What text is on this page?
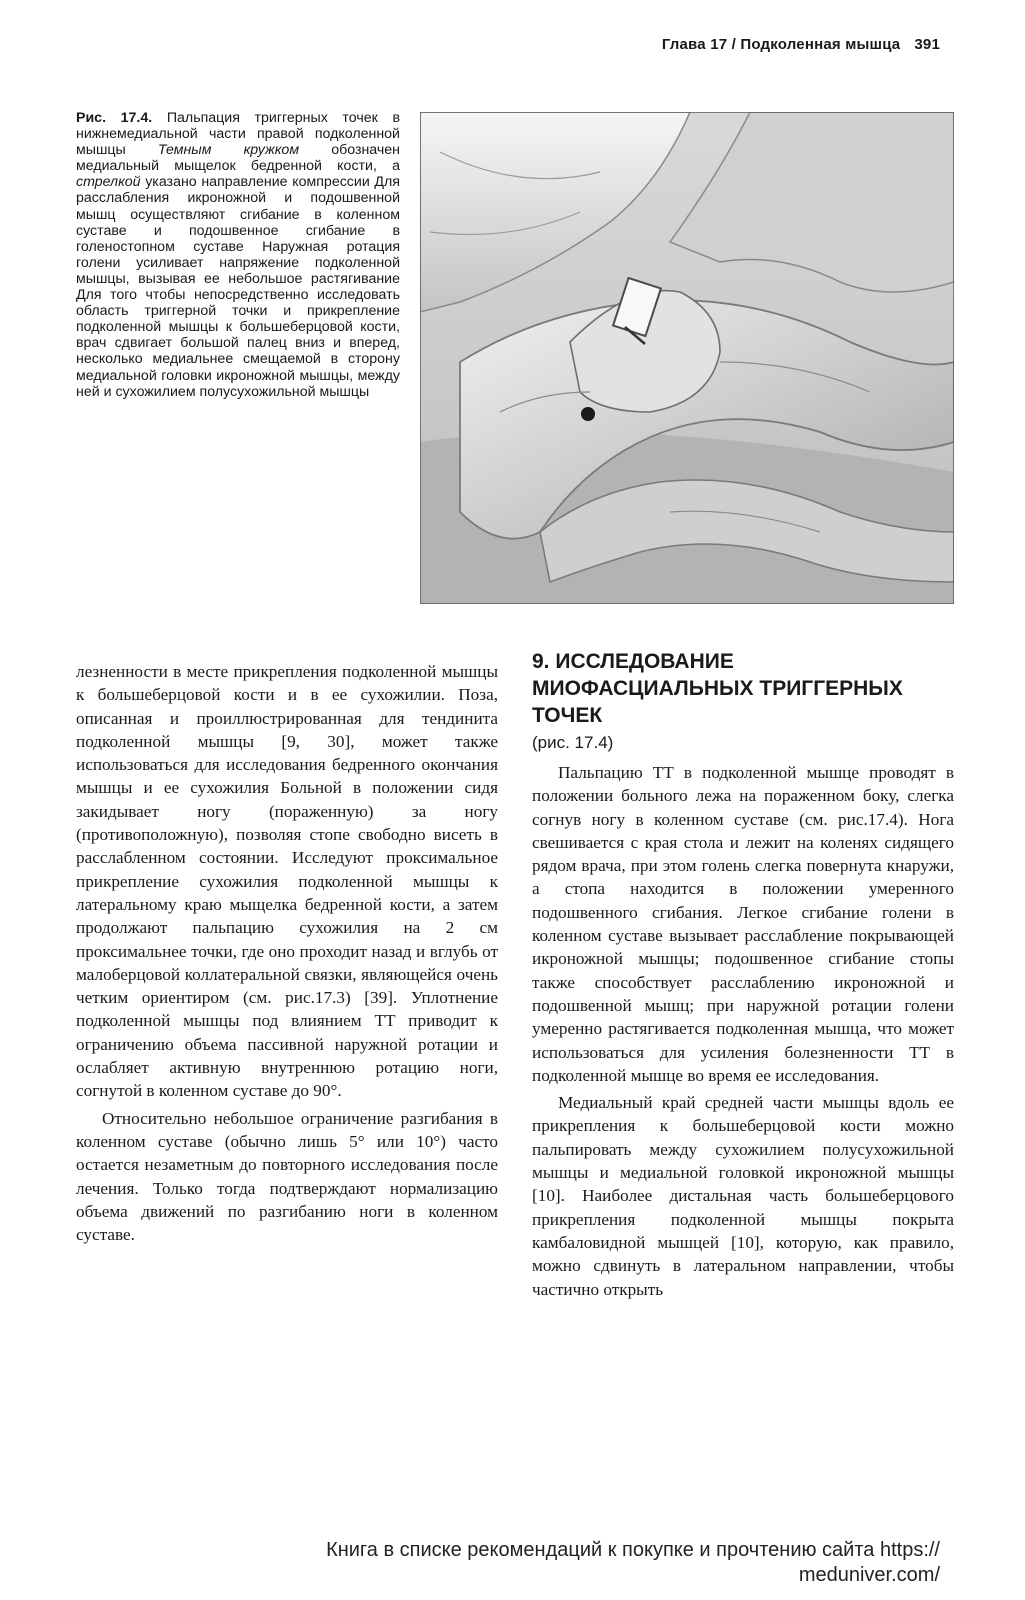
Глава 17 / Подколенная мышца 391
Рис. 17.4. Пальпация триггерных точек в нижнемедиальной части правой подколенной мышцы Темным кружком обозначен медиальный мыщелок бедренной кости, а стрелкой указано направление компрессии Для расслабления икроножной и подошвенной мышц осуществляют сгибание в коленном суставе и подошвенное сгибание в голеностопном суставе Наружная ротация голени усиливает напряжение подколенной мышцы, вызывая ее небольшое растягивание Для того чтобы непосредственно исследовать область триггерной точки и прикрепление подколенной мышцы к большеберцовой кости, врач сдвигает большой палец вниз и вперед, несколько медиальнее смещаемой в сторону медиальной головки икроножной мышцы, между ней и сухожилием полусухожильной мышцы

лезненности в месте прикрепления подколенной мышцы к большеберцовой кости и в ее сухожилии. Поза, описанная и проиллюстрированная для тендинита подколенной мышцы [9, 30], может также использоваться для исследования бедренного окончания мышцы и ее сухожилия Больной в положении сидя закидывает ногу (пораженную) за ногу (противоположную), позволяя стопе свободно висеть в расслабленном состоянии. Исследуют проксимальное прикрепление сухожилия подколенной мышцы к латеральному краю мыщелка бедренной кости, а затем продолжают пальпацию сухожилия на 2 см проксимальнее точки, где оно проходит назад и вглубь от малоберцовой коллатеральной связки, являющейся очень четким ориентиром (см. рис.17.3) [39]. Уплотнение подколенной мышцы под влиянием ТТ приводит к ограничению объема пассивной наружной ротации и ослабляет активную внутреннюю ротацию ноги, согнутой в коленном суставе до 90°.

Относительно небольшое ограничение разгибания в коленном суставе (обычно лишь 5° или 10°) часто остается незаметным до повторного исследования после лечения. Только тогда подтверждают нормализацию объема движений по разгибанию ноги в коленном суставе.

9. ИССЛЕДОВАНИЕ МИОФАСЦИАЛЬНЫХ ТРИГГЕРНЫХ ТОЧЕК
(рис. 17.4)

Пальпацию ТТ в подколенной мышце проводят в положении больного лежа на пораженном боку, слегка согнув ногу в коленном суставе (см. рис.17.4). Нога свешивается с края стола и лежит на коленях сидящего рядом врача, при этом голень слегка повернута кнаружи, а стопа находится в положении умеренного подошвенного сгибания. Легкое сгибание голени в коленном суставе вызывает расслабление покрывающей икроножной мышцы; подошвенное сгибание стопы также способствует расслаблению икроножной и подошвенной мышц; при наружной ротации голени умеренно растягивается подколенная мышца, что может использоваться для усиления болезненности ТТ в подколенной мышце во время ее исследования.

Медиальный край средней части мышцы вдоль ее прикрепления к большеберцовой кости можно пальпировать между сухожилием полусухожильной мышцы и медиальной головкой икроножной мышцы [10]. Наиболее дистальная часть большеберцового прикрепления подколенной мышцы покрыта камбаловидной мышцей [10], которую, как правило, можно сдвинуть в латеральном направлении, чтобы частично открыть

Книга в списке рекомендаций к покупке и прочтению сайта https://
meduniver.com/
